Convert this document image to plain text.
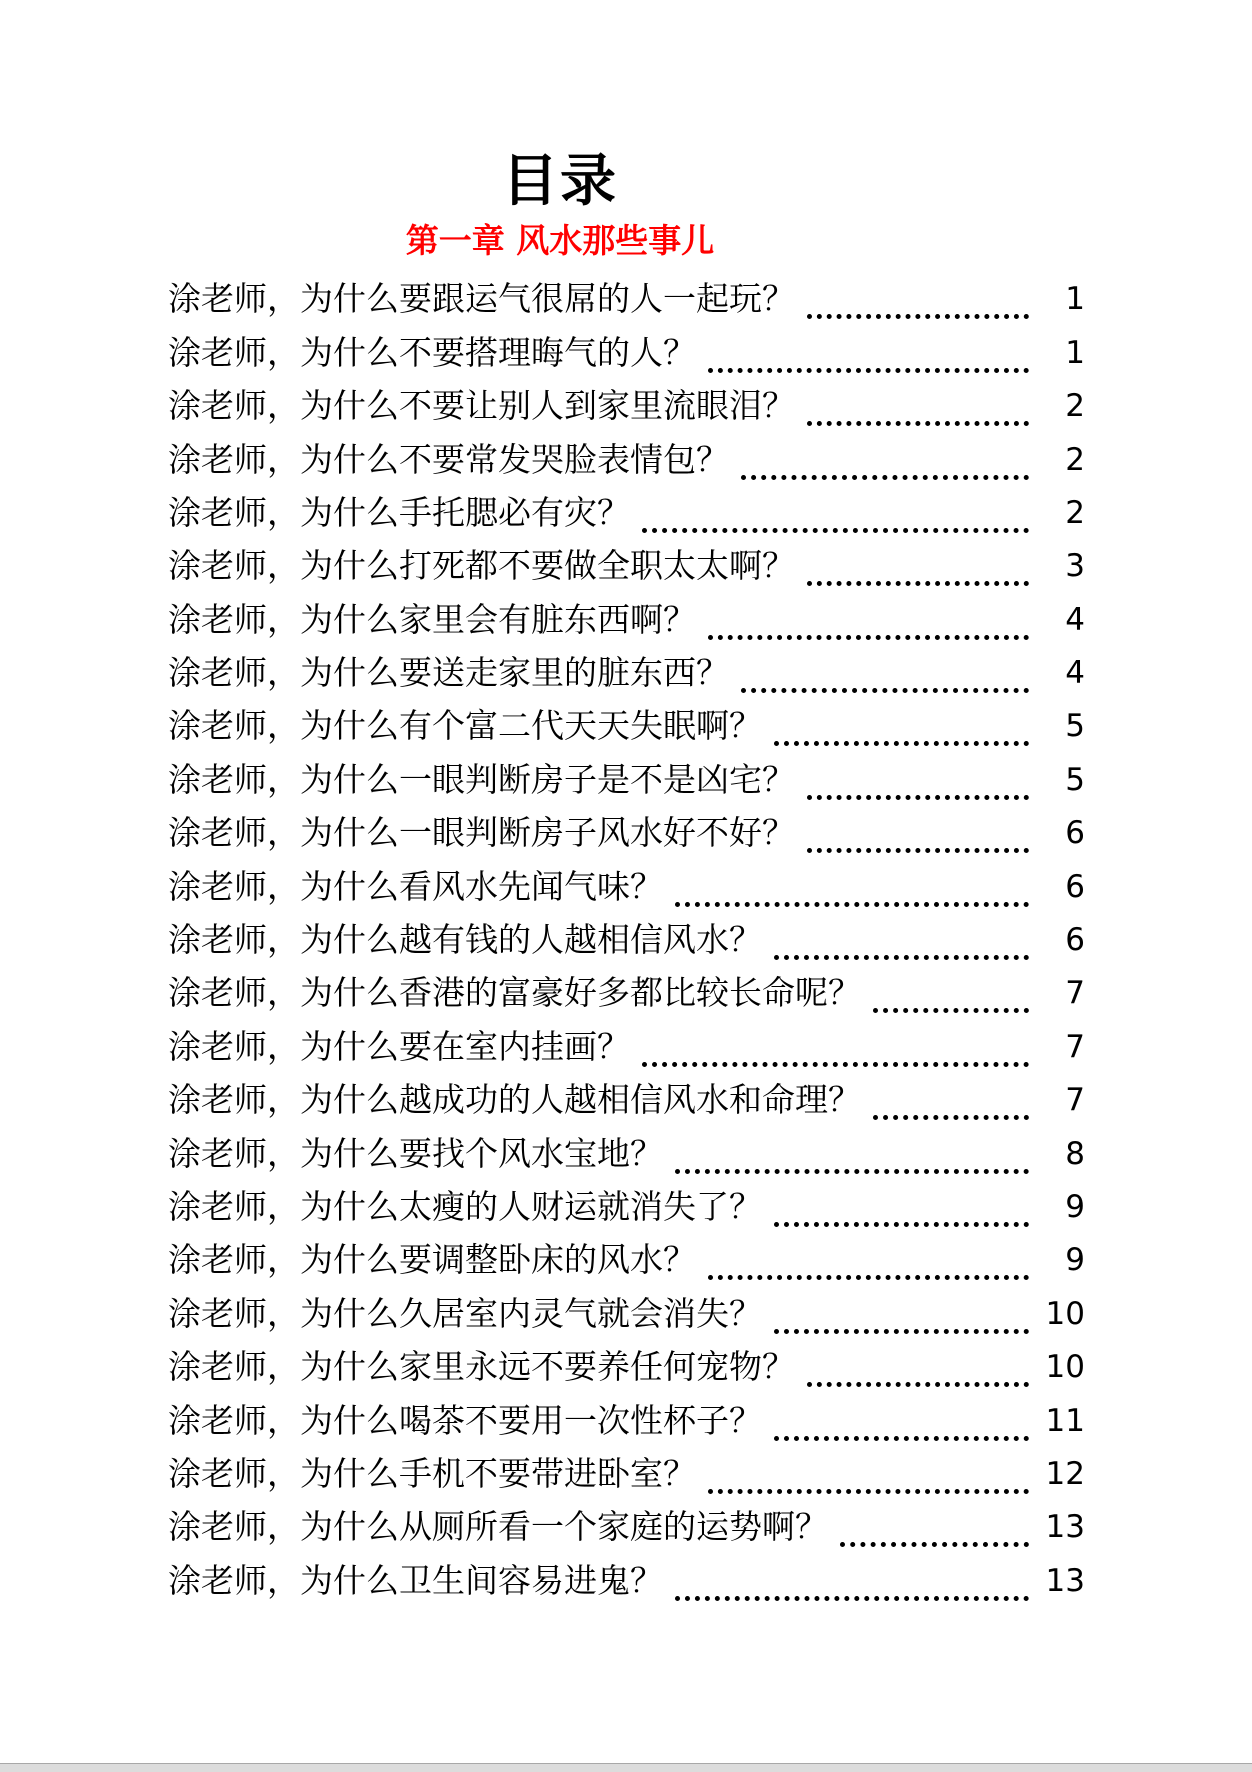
目录
第一章 风水那些事儿
涂老师，为什么要跟运气很屌的人一起玩？	1
涂老师，为什么不要搭理晦气的人？	1
涂老师，为什么不要让别人到家里流眼泪？	2
涂老师，为什么不要常发哭脸表情包？	2
涂老师，为什么手托腮必有灾？	2
涂老师，为什么打死都不要做全职太太啊？	3
涂老师，为什么家里会有脏东西啊？	4
涂老师，为什么要送走家里的脏东西？	4
涂老师，为什么有个富二代天天失眠啊？	5
涂老师，为什么一眼判断房子是不是凶宅？	5
涂老师，为什么一眼判断房子风水好不好？	6
涂老师，为什么看风水先闻气味？	6
涂老师，为什么越有钱的人越相信风水？	6
涂老师，为什么香港的富豪好多都比较长命呢？	7
涂老师，为什么要在室内挂画？	7
涂老师，为什么越成功的人越相信风水和命理？	7
涂老师，为什么要找个风水宝地？	8
涂老师，为什么太瘦的人财运就消失了？	9
涂老师，为什么要调整卧床的风水？	9
涂老师，为什么久居室内灵气就会消失？	10
涂老师，为什么家里永远不要养任何宠物？	10
涂老师，为什么喝茶不要用一次性杯子？	11
涂老师，为什么手机不要带进卧室？	12
涂老师，为什么从厕所看一个家庭的运势啊？	13
涂老师，为什么卫生间容易进鬼？	13
